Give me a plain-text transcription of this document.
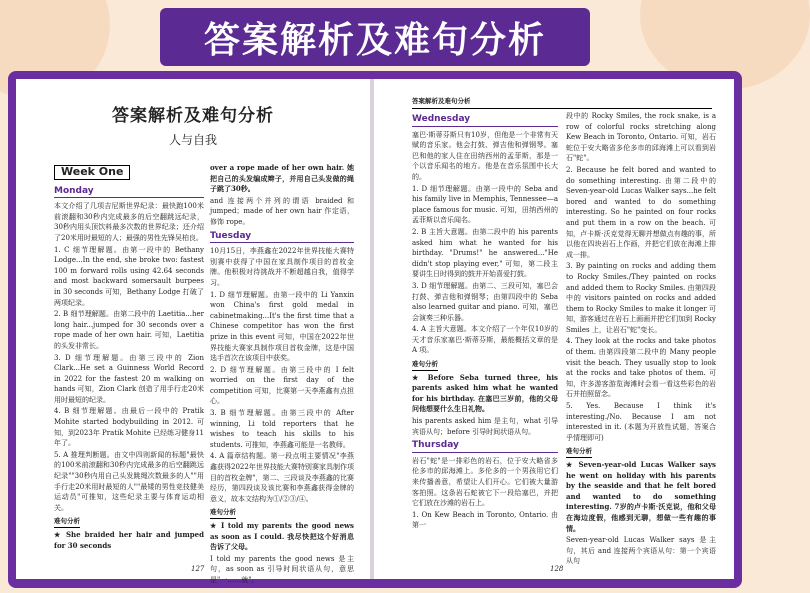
答案解析及难句分析
答案解析及难句分析
人与自我
Week One
Monday

本文介绍了几项吉尼斯世界纪录：最快跑100米前滚翻和30秒内完成最多的后空翻跳远纪录，30秒内用头顶饮料最多次数的世界纪录；还介绍了20米用时最短的人；最强的男性先锋吴柏良。

1. C 细节理解题。由第一段中的 Bethany Lodge...In the end, she broke two: fastest 100 m forward rolls using 42.64 seconds and most backward somersault burpees in 30 seconds 可知，Bethany Lodge 打破了两项纪录。

2. B 细节理解题。由第二段中的 Laetitia...her long hair...jumped for 30 seconds over a rope made of her own hair. 可知，Laetitia 的头发非常长。

3. D 细节理解题。由第三段中的 Zion Clark...He set a Guinness World Record in 2022 for the fastest 20 m walking on hands 可知，Zion Clark 创造了用手行走20米用时最短的纪录。

4. B 细节理解题。由最后一段中的 Pratik Mohite started bodybuilding in 2012. 可知，到2023年 Pratik Mohite 已经练习健身11年了。

5. A 推理判断题。由文中四则新闻的标题"最快的100米前滚翻和30秒内完成最多的后空翻跳远纪录""30秒内用自己头发跳绳次数最多的人""用手行走20米用时最短的人""最矮的男性竞技健美运动员"可推知，这些纪录主要与体育运动相关。

难句分析

★ She braided her hair and jumped for 30 seconds

over a rope made of her own hair. 她把自己的头发编成辫子，并用自己头发做的绳子跳了30秒。

and 连接两个并列的谓语 braided 和 jumped；made of her own hair 作定语，修饰 rope。

Tuesday

10月15日，李燕鑫在2022年世界技能大赛特别赛中获得了中国在家具制作项目的首枚金牌。他积极对待挑战并不断超越自我，值得学习。

1. D 细节理解题。由第一段中的 Li Yanxin won China's first gold medal in cabinetmaking...It's the first time that a Chinese competitor has won the first prize in this event 可知，中国在2022年世界技能大赛家具制作项目首枚金牌，这是中国选手首次在该项目中获奖。

2. D 细节理解题。由第三段中的 I felt worried on the first day of the competition 可知，比赛第一天李燕鑫有点担心。

3. B 细节理解题。由第三段中的 After winning, Li told reporters that he wishes to teach his skills to his students. 可推知，李燕鑫可能是一名教师。

4. A 篇章结构题。第一段点明主要情况"李燕鑫获得2022年世界技能大赛特别赛家具制作项目的首枚金牌"，第二、三段谈及李燕鑫的比赛经历，第四段谈及该比赛和李燕鑫获得金牌的意义，故本文结构为①/②③/④。

难句分析

★ I told my parents the good news as soon as I could. 我尽快把这个好消息告诉了父母。

I told my parents the good news 是主句，as soon as 引导时间状语从句，意思是"一……就"。

127
答案解析及难句分析
Wednesday

塞巴·斯蒂芬斯只有10岁，但他是一个非常有天赋的音乐家。他会打鼓、弹吉他和弹钢琴。塞巴和他的家人住在田纳西州的孟菲斯，那是一个以音乐闻名的地方。他是在音乐氛围中长大的。

1. D 细节理解题。由第一段中的 Seba and his family live in Memphis, Tennessee—a place famous for music. 可知，田纳西州的孟菲斯以音乐闻名。

2. B 主旨大意题。由第二段中的 his parents asked him what he wanted for his birthday. "Drums!" he answered..."He didn't stop playing ever," 可知，第二段主要讲生日时得到的鼓并开始喜爱打鼓。

3. D 细节理解题。由第二、三段可知，塞巴会打鼓、弹吉他和弹钢琴；由第四段中的 Seba also learned guitar and piano. 可知，塞巴会演奏三种乐器。

4. A 主旨大意题。本文介绍了一个年仅10岁的天才音乐家塞巴·斯蒂芬斯，最能概括文章的是 A 项。

难句分析

★ Before Seba turned three, his parents asked him what he wanted for his birthday. 在塞巴三岁前，他的父母问他想要什么生日礼物。

his parents asked him 是主句，what 引导宾语从句；before 引导时间状语从句。

Thursday

岩石"蛇"是一排彩色的岩石，位于安大略省多伦多市的邱海滩上。多伦多的一个男孩用它们来传播善意，希望让人们开心。它们被大量游客拍照。这条岩石蛇被它下一段给塞巴，并把它们放在沙滩的岩石上。

1. On Kew Beach in Toronto, Ontario. 由第一

段中的 Rocky Smiles, the rock snake, is a row of colorful rocks stretching along Kew Beach in Toronto, Ontario. 可知，岩石蛇位于安大略省多伦多市的邱海滩上可以看到岩石"蛇"。

2. Because he felt bored and wanted to do something interesting. 由第二段中的 Seven-year-old Lucas Walker says...he felt bored and wanted to do something interesting. So he painted on four rocks and put them in a row on the beach. 可知，卢卡斯·沃克觉得无聊并想做点有趣的事，所以他在四块岩石上作画，并把它们放在海滩上排成一排。

3. By painting on rocks and adding them to Rocky Smiles./They painted on rocks and added them to Rocky Smiles. 由第四段中的 visitors painted on rocks and added them to Rocky Smiles to make it longer 可知，游客通过在岩石上画画并把它们加到 Rocky Smiles 上，让岩石"蛇"变长。

4. They look at the rocks and take photos of them. 由第四段第二段中的 Many people visit the beach. They usually stop to look at the rocks and take photos of them. 可知，许多游客游览海滩时会看一看这些彩色的岩石并拍照留念。

5. Yes. Because I think it's interesting./No. Because I am not interested in it. (本题为开放性试题，答案合乎情理即可)

难句分析

★ Seven-year-old Lucas Walker says he went on holiday with his parents by the seaside and that he felt bored and wanted to do something interesting. 7岁的卢卡斯·沃克说，他和父母在海边度假，他感到无聊，想做一些有趣的事情。

Seven-year-old Lucas Walker says 是主句，其后 and 连接两个宾语从句：第一个宾语从句

128
